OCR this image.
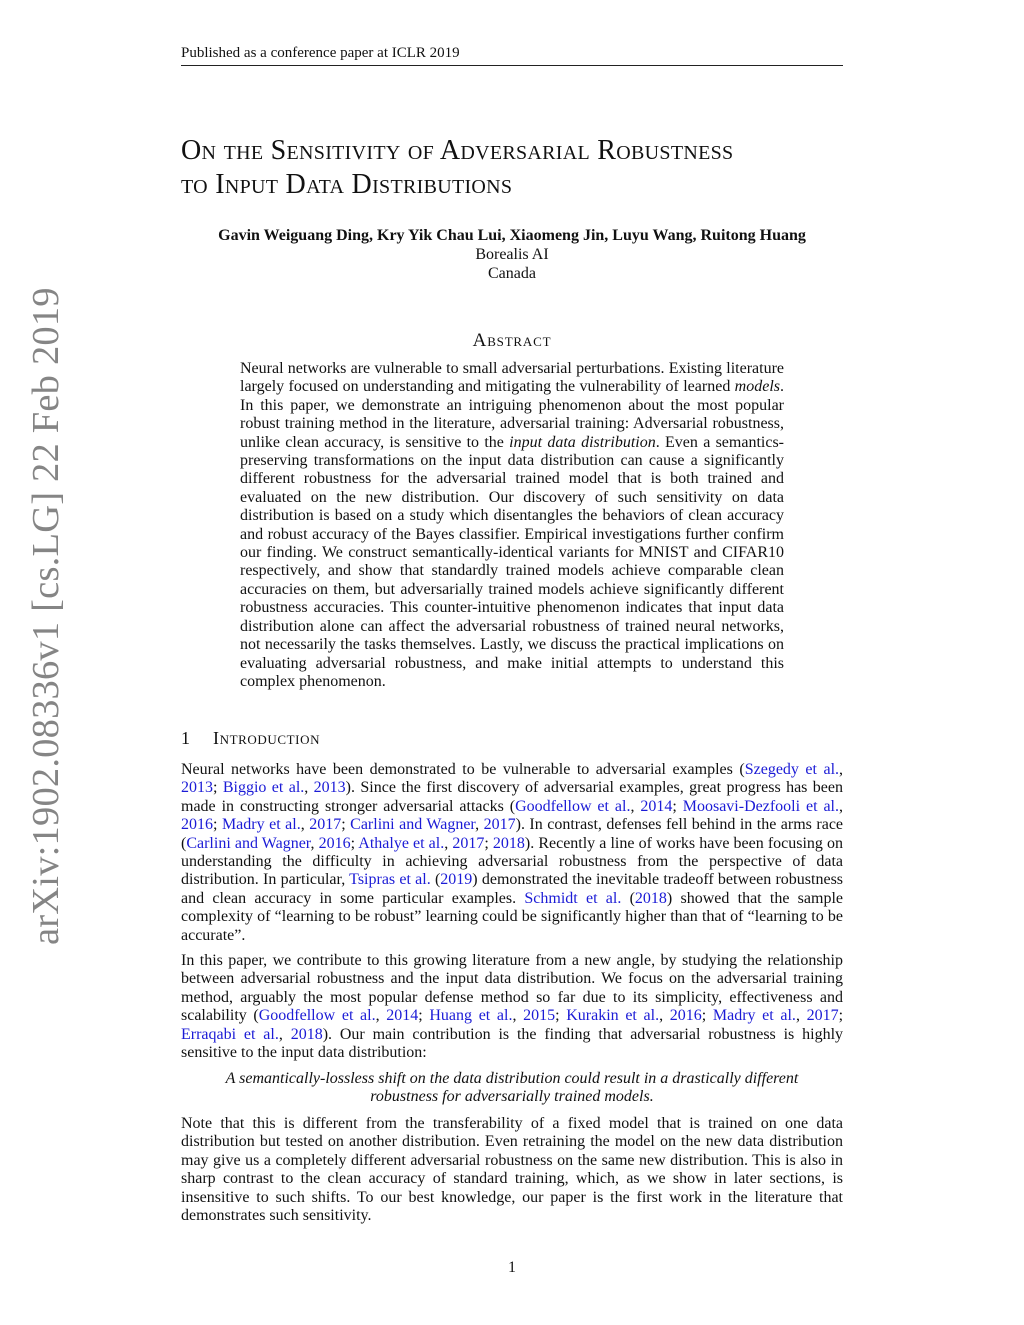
Published as a conference paper at ICLR 2019
arXiv:1902.08336v1 [cs.LG] 22 Feb 2019
On the Sensitivity of Adversarial Robustness
to Input Data Distributions
Gavin Weiguang Ding, Kry Yik Chau Lui, Xiaomeng Jin, Luyu Wang, Ruitong Huang
Borealis AI
Canada
Abstract
Neural networks are vulnerable to small adversarial perturbations. Existing literature largely focused on understanding and mitigating the vulnerability of learned models. In this paper, we demonstrate an intriguing phenomenon about the most popular robust training method in the literature, adversarial training: Adversarial robustness, unlike clean accuracy, is sensitive to the input data distribution. Even a semantics-preserving transformations on the input data distribution can cause a significantly different robustness for the adversarial trained model that is both trained and evaluated on the new distribution. Our discovery of such sensitivity on data distribution is based on a study which disentangles the behaviors of clean accuracy and robust accuracy of the Bayes classifier. Empirical investigations further confirm our finding. We construct semantically-identical variants for MNIST and CIFAR10 respectively, and show that standardly trained models achieve comparable clean accuracies on them, but adversarially trained models achieve significantly different robustness accuracies. This counter-intuitive phenomenon indicates that input data distribution alone can affect the adversarial robustness of trained neural networks, not necessarily the tasks themselves. Lastly, we discuss the practical implications on evaluating adversarial robustness, and make initial attempts to understand this complex phenomenon.
1 Introduction
Neural networks have been demonstrated to be vulnerable to adversarial examples (Szegedy et al., 2013; Biggio et al., 2013). Since the first discovery of adversarial examples, great progress has been made in constructing stronger adversarial attacks (Goodfellow et al., 2014; Moosavi-Dezfooli et al., 2016; Madry et al., 2017; Carlini and Wagner, 2017). In contrast, defenses fell behind in the arms race (Carlini and Wagner, 2016; Athalye et al., 2017; 2018). Recently a line of works have been focusing on understanding the difficulty in achieving adversarial robustness from the perspective of data distribution. In particular, Tsipras et al. (2019) demonstrated the inevitable tradeoff between robustness and clean accuracy in some particular examples. Schmidt et al. (2018) showed that the sample complexity of “learning to be robust” learning could be significantly higher than that of “learning to be accurate”.
In this paper, we contribute to this growing literature from a new angle, by studying the relationship between adversarial robustness and the input data distribution. We focus on the adversarial training method, arguably the most popular defense method so far due to its simplicity, effectiveness and scalability (Goodfellow et al., 2014; Huang et al., 2015; Kurakin et al., 2016; Madry et al., 2017; Erraqabi et al., 2018). Our main contribution is the finding that adversarial robustness is highly sensitive to the input data distribution:
A semantically-lossless shift on the data distribution could result in a drastically different
robustness for adversarially trained models.
Note that this is different from the transferability of a fixed model that is trained on one data distribution but tested on another distribution. Even retraining the model on the new data distribution may give us a completely different adversarial robustness on the same new distribution. This is also in sharp contrast to the clean accuracy of standard training, which, as we show in later sections, is insensitive to such shifts. To our best knowledge, our paper is the first work in the literature that demonstrates such sensitivity.
1
